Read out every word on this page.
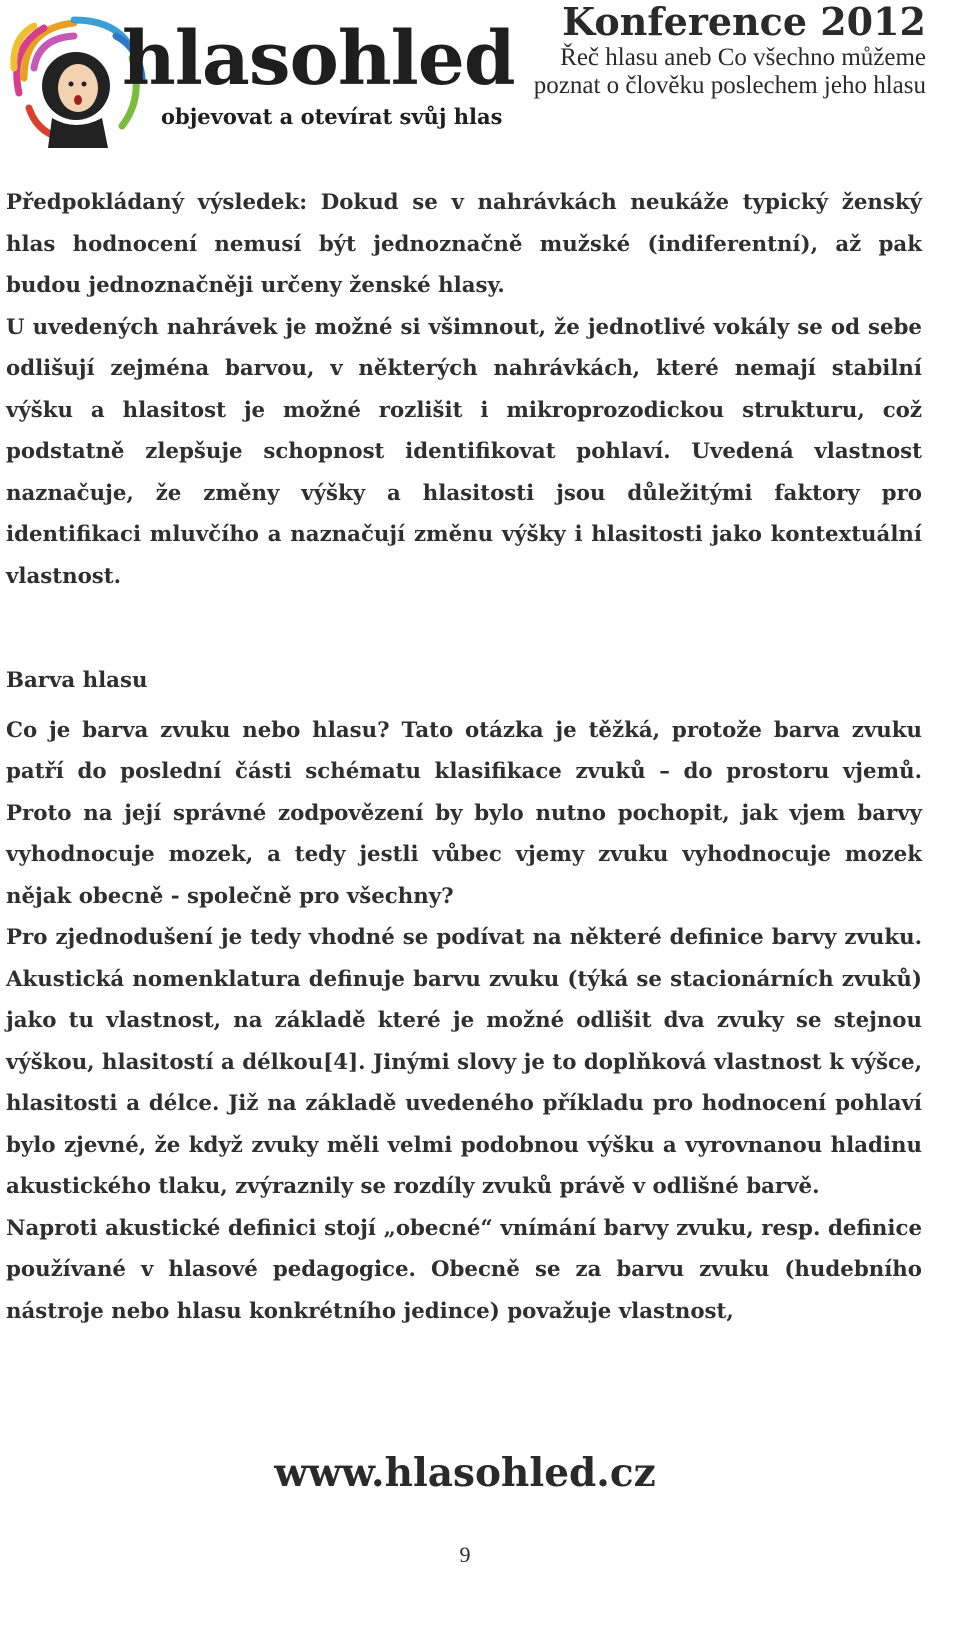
hlasohled
objevovat a otevírat svůj hlas
Konference 2012
Řeč hlasu aneb Co všechno můžeme poznat o člověku poslechem jeho hlasu

Předpokládaný výsledek: Dokud se v nahrávkách neukáže typický ženský hlas hodnocení nemusí být jednoznačně mužské (indiferentní), až pak budou jednoznačněji určeny ženské hlasy.

U uvedených nahrávek je možné si všimnout, že jednotlivé vokály se od sebe odlišují zejména barvou, v některých nahrávkách, které nemají stabilní výšku a hlasitost je možné rozlišit i mikroprozodickou strukturu, což podstatně zlepšuje schopnost identifikovat pohlaví. Uvedená vlastnost naznačuje, že změny výšky a hlasitosti jsou důležitými faktory pro identifikaci mluvčího a naznačují změnu výšky i hlasitosti jako kontextuální vlastnost.

Barva hlasu

Co je barva zvuku nebo hlasu? Tato otázka je těžká, protože barva zvuku patří do poslední části schématu klasifikace zvuků – do prostoru vjemů. Proto na její správné zodpovězení by bylo nutno pochopit, jak vjem barvy vyhodnocuje mozek, a tedy jestli vůbec vjemy zvuku vyhodnocuje mozek nějak obecně - společně pro všechny?

Pro zjednodušení je tedy vhodné se podívat na některé definice barvy zvuku. Akustická nomenklatura definuje barvu zvuku (týká se stacionárních zvuků) jako tu vlastnost, na základě které je možné odlišit dva zvuky se stejnou výškou, hlasitostí a délkou[4]. Jinými slovy je to doplňková vlastnost k výšce, hlasitosti a délce. Již na základě uvedeného příkladu pro hodnocení pohlaví bylo zjevné, že když zvuky měli velmi podobnou výšku a vyrovnanou hladinu akustického tlaku, zvýraznily se rozdíly zvuků právě v odlišné barvě.

Naproti akustické definici stojí „obecné“ vnímání barvy zvuku, resp. definice používané v hlasové pedagogice. Obecně se za barvu zvuku (hudebního nástroje nebo hlasu konkrétního jedince) považuje vlastnost,

www.hlasohled.cz
9
